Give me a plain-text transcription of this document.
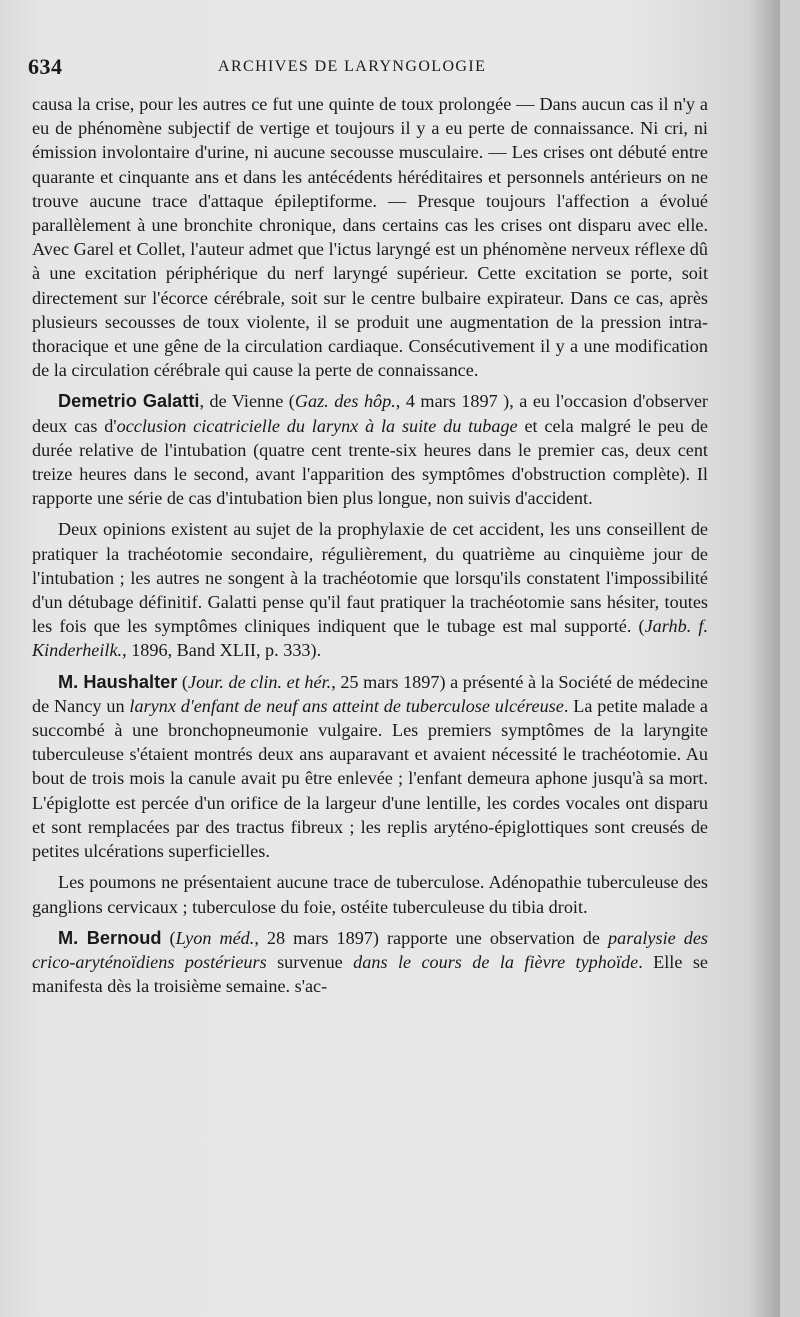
634	ARCHIVES DE LARYNGOLOGIE

causa la crise, pour les autres ce fut une quinte de toux prolongée — Dans aucun cas il n'y a eu de phénomène subjectif de vertige et toujours il y a eu perte de connaissance. Ni cri, ni émission involontaire d'urine, ni aucune secousse musculaire. — Les crises ont débuté entre quarante et cinquante ans et dans les antécédents héréditaires et personnels antérieurs on ne trouve aucune trace d'attaque épileptiforme. — Presque toujours l'affection a évolué parallèlement à une bronchite chronique, dans certains cas les crises ont disparu avec elle. Avec Garel et Collet, l'auteur admet que l'ictus laryngé est un phénomène nerveux réflexe dû à une excitation périphérique du nerf laryngé supérieur. Cette excitation se porte, soit directement sur l'écorce cérébrale, soit sur le centre bulbaire expirateur. Dans ce cas, après plusieurs secousses de toux violente, il se produit une augmentation de la pression intra-thoracique et une gêne de la circulation cardiaque. Consécutivement il y a une modification de la circulation cérébrale qui cause la perte de connaissance.

Demetrio Galatti, de Vienne (Gaz. des hôp., 4 mars 1897 ), a eu l'occasion d'observer deux cas d'occlusion cicatricielle du larynx à la suite du tubage et cela malgré le peu de durée relative de l'intubation (quatre cent trente-six heures dans le premier cas, deux cent treize heures dans le second, avant l'apparition des symptômes d'obstruction complète). Il rapporte une série de cas d'intubation bien plus longue, non suivis d'accident.

Deux opinions existent au sujet de la prophylaxie de cet accident, les uns conseillent de pratiquer la trachéotomie secondaire, régulièrement, du quatrième au cinquième jour de l'intubation ; les autres ne songent à la trachéotomie que lorsqu'ils constatent l'impossibilité d'un détubage définitif. Galatti pense qu'il faut pratiquer la trachéotomie sans hésiter, toutes les fois que les symptômes cliniques indiquent que le tubage est mal supporté. (Jarhb. f. Kinderheilk., 1896, Band XLII, p. 333).

M. Haushalter (Jour. de clin. et hér., 25 mars 1897) a présenté à la Société de médecine de Nancy un larynx d'enfant de neuf ans atteint de tuberculose ulcéreuse. La petite malade a succombé à une bronchopneumonie vulgaire. Les premiers symptômes de la laryngite tuberculeuse s'étaient montrés deux ans auparavant et avaient nécessité le trachéotomie. Au bout de trois mois la canule avait pu être enlevée ; l'enfant demeura aphone jusqu'à sa mort. L'épiglotte est percée d'un orifice de la largeur d'une lentille, les cordes vocales ont disparu et sont remplacées par des tractus fibreux ; les replis aryténo-épiglottiques sont creusés de petites ulcérations superficielles.

Les poumons ne présentaient aucune trace de tuberculose. Adénopathie tuberculeuse des ganglions cervicaux ; tuberculose du foie, ostéite tuberculeuse du tibia droit.

M. Bernoud (Lyon méd., 28 mars 1897) rapporte une observation de paralysie des crico-aryténoïdiens postérieurs survenue dans le cours de la fièvre typhoïde. Elle se manifesta dès la troisième semaine. s'ac-
